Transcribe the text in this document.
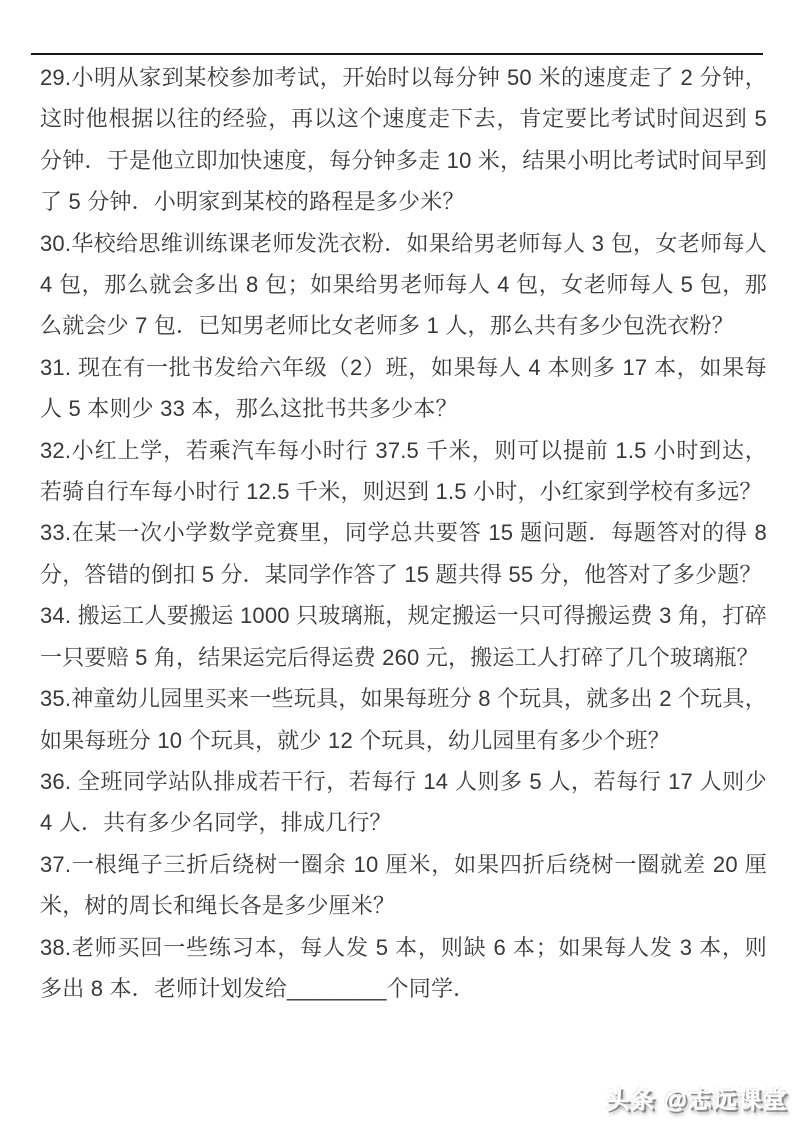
29.小明从家到某校参加考试，开始时以每分钟 50 米的速度走了 2 分钟，这时他根据以往的经验，再以这个速度走下去，肯定要比考试时间迟到 5 分钟．于是他立即加快速度，每分钟多走 10 米，结果小明比考试时间早到了 5 分钟．小明家到某校的路程是多少米？

30.华校给思维训练课老师发洗衣粉．如果给男老师每人 3 包，女老师每人 4 包，那么就会多出 8 包；如果给男老师每人 4 包，女老师每人 5 包，那么就会少 7 包．已知男老师比女老师多 1 人，那么共有多少包洗衣粉？

31. 现在有一批书发给六年级（2）班，如果每人 4 本则多 17 本，如果每人 5 本则少 33 本，那么这批书共多少本？

32.小红上学，若乘汽车每小时行 37.5 千米，则可以提前 1.5 小时到达，若骑自行车每小时行 12.5 千米，则迟到 1.5 小时，小红家到学校有多远？

33.在某一次小学数学竞赛里，同学总共要答 15 题问题．每题答对的得 8 分，答错的倒扣 5 分．某同学作答了 15 题共得 55 分，他答对了多少题？

34. 搬运工人要搬运 1000 只玻璃瓶，规定搬运一只可得搬运费 3 角，打碎一只要赔 5 角，结果运完后得运费 260 元，搬运工人打碎了几个玻璃瓶？

35.神童幼儿园里买来一些玩具，如果每班分 8 个玩具，就多出 2 个玩具，如果每班分 10 个玩具，就少 12 个玩具，幼儿园里有多少个班？

36. 全班同学站队排成若干行，若每行 14 人则多 5 人，若每行 17 人则少 4 人．共有多少名同学，排成几行？

37.一根绳子三折后绕树一圈余 10 厘米，如果四折后绕树一圈就差 20 厘米，树的周长和绳长各是多少厘米？

38.老师买回一些练习本，每人发 5 本，则缺 6 本；如果每人发 3 本，则多出 8 本．老师计划发给________个同学．

头条 @志远课堂
